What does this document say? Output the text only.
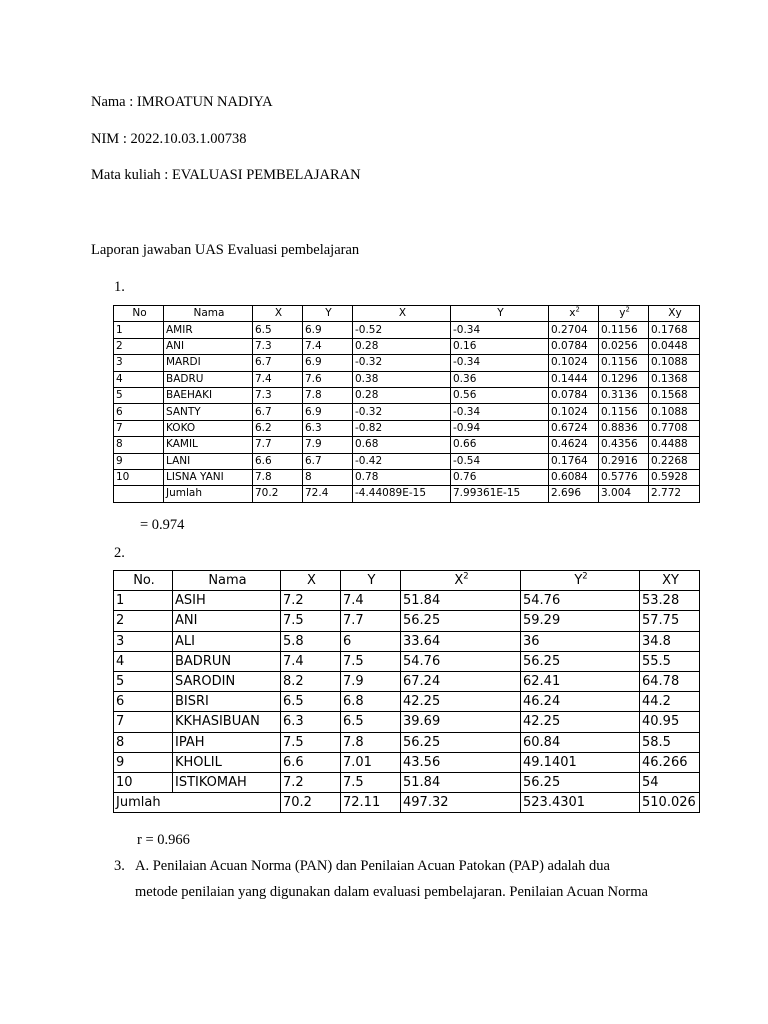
Nama : IMROATUN NADIYA
NIM : 2022.10.03.1.00738
Mata kuliah : EVALUASI PEMBELAJARAN
Laporan jawaban UAS Evaluasi pembelajaran
1.
No	Nama	X	Y	X	Y	$x^2$	$y^2$	Xy
1	AMIR	6.5	6.9	-0.52	-0.34	0.2704	0.1156	0.1768
2	ANI	7.3	7.4	0.28	0.16	0.0784	0.0256	0.0448
3	MARDI	6.7	6.9	-0.32	-0.34	0.1024	0.1156	0.1088
4	BADRU	7.4	7.6	0.38	0.36	0.1444	0.1296	0.1368
5	BAEHAKI	7.3	7.8	0.28	0.56	0.0784	0.3136	0.1568
6	SANTY	6.7	6.9	-0.32	-0.34	0.1024	0.1156	0.1088
7	KOKO	6.2	6.3	-0.82	-0.94	0.6724	0.8836	0.7708
8	KAMIL	7.7	7.9	0.68	0.66	0.4624	0.4356	0.4488
9	LANI	6.6	6.7	-0.42	-0.54	0.1764	0.2916	0.2268
10	LISNA YANI	7.8	8	0.78	0.76	0.6084	0.5776	0.5928
	Jumlah	70.2	72.4	-4.44089E-15	7.99361E-15	2.696	3.004	2.772
= 0.974
2.
No.	Nama	X	Y	$X^2$	$Y^2$	XY
1	ASIH	7.2	7.4	51.84	54.76	53.28
2	ANI	7.5	7.7	56.25	59.29	57.75
3	ALI	5.8	6	33.64	36	34.8
4	BADRUN	7.4	7.5	54.76	56.25	55.5
5	SARODIN	8.2	7.9	67.24	62.41	64.78
6	BISRI	6.5	6.8	42.25	46.24	44.2
7	KKHASIBUAN	6.3	6.5	39.69	42.25	40.95
8	IPAH	7.5	7.8	56.25	60.84	58.5
9	KHOLIL	6.6	7.01	43.56	49.1401	46.266
10	ISTIKOMAH	7.2	7.5	51.84	56.25	54
Jumlah		70.2	72.11	497.32	523.4301	510.026
r = 0.966
3. A. Penilaian Acuan Norma (PAN) dan Penilaian Acuan Patokan (PAP) adalah dua
metode penilaian yang digunakan dalam evaluasi pembelajaran. Penilaian Acuan Norma
